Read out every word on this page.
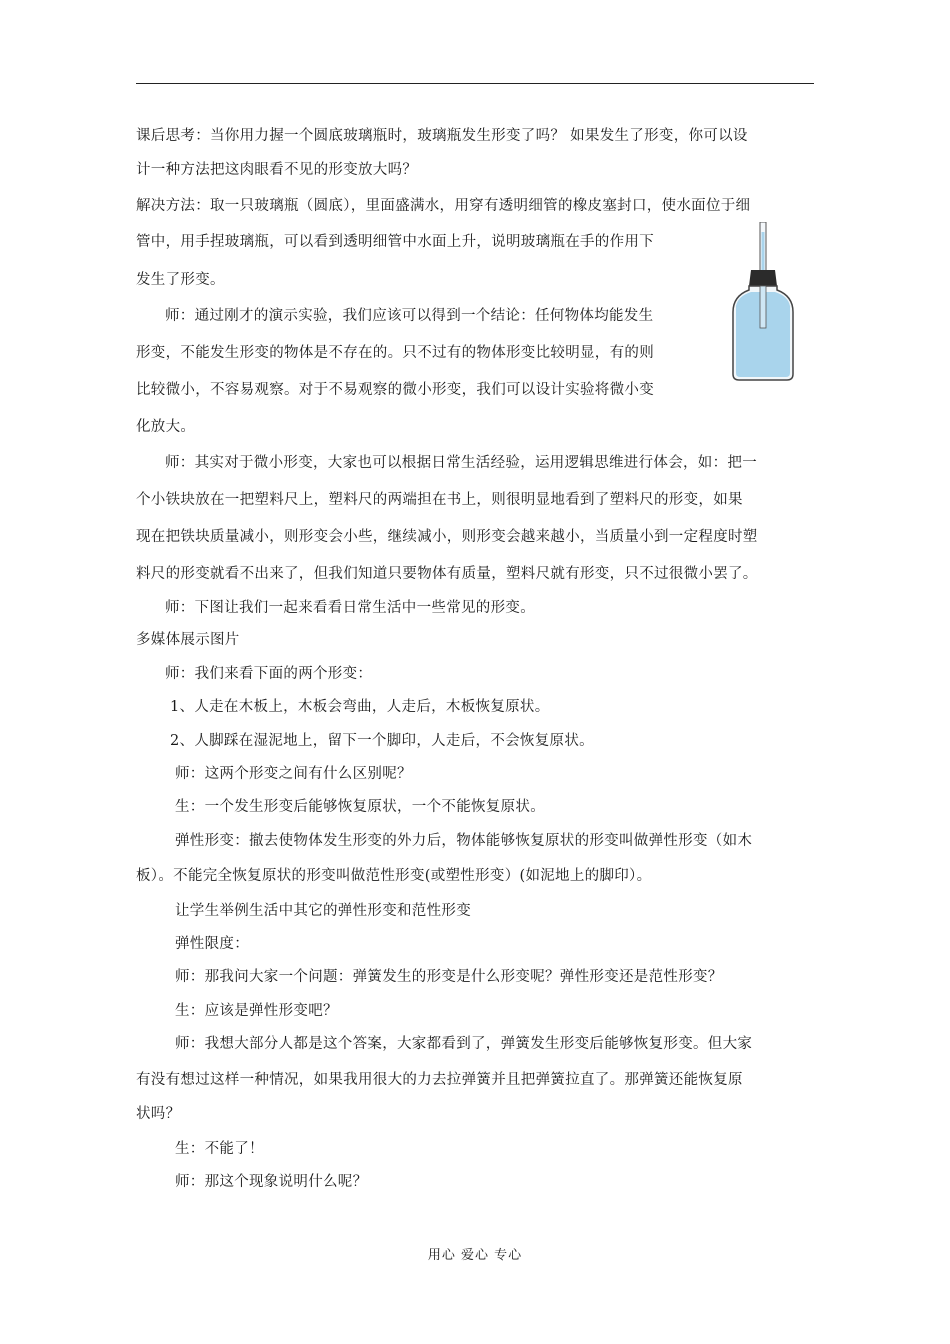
课后思考：当你用力握一个圆底玻璃瓶时，玻璃瓶发生形变了吗？ 如果发生了形变，你可以设
计一种方法把这肉眼看不见的形变放大吗？
解决方法：取一只玻璃瓶（圆底），里面盛满水，用穿有透明细管的橡皮塞封口，使水面位于细
管中，用手捏玻璃瓶，可以看到透明细管中水面上升，说明玻璃瓶在手的作用下
发生了形变。
师：通过刚才的演示实验，我们应该可以得到一个结论：任何物体均能发生
形变，不能发生形变的物体是不存在的。只不过有的物体形变比较明显，有的则
比较微小，不容易观察。对于不易观察的微小形变，我们可以设计实验将微小变
化放大。
师：其实对于微小形变，大家也可以根据日常生活经验，运用逻辑思维进行体会，如：把一
个小铁块放在一把塑料尺上，塑料尺的两端担在书上，则很明显地看到了塑料尺的形变，如果
现在把铁块质量减小，则形变会小些，继续减小，则形变会越来越小，当质量小到一定程度时塑
料尺的形变就看不出来了，但我们知道只要物体有质量，塑料尺就有形变，只不过很微小罢了。
师：下图让我们一起来看看日常生活中一些常见的形变。
多媒体展示图片
师：我们来看下面的两个形变：
1、人走在木板上，木板会弯曲，人走后，木板恢复原状。
2、人脚踩在湿泥地上，留下一个脚印，人走后，不会恢复原状。
师：这两个形变之间有什么区别呢？
生：一个发生形变后能够恢复原状，一个不能恢复原状。
弹性形变：撤去使物体发生形变的外力后，物体能够恢复原状的形变叫做弹性形变（如木
板）。不能完全恢复原状的形变叫做范性形变(或塑性形变）(如泥地上的脚印）。
让学生举例生活中其它的弹性形变和范性形变
弹性限度：
师：那我问大家一个问题：弹簧发生的形变是什么形变呢？弹性形变还是范性形变？
生：应该是弹性形变吧？
师：我想大部分人都是这个答案，大家都看到了，弹簧发生形变后能够恢复形变。但大家
有没有想过这样一种情况，如果我用很大的力去拉弹簧并且把弹簧拉直了。那弹簧还能恢复原
状吗？
生：不能了！
师：那这个现象说明什么呢？
用心 爱心 专心
